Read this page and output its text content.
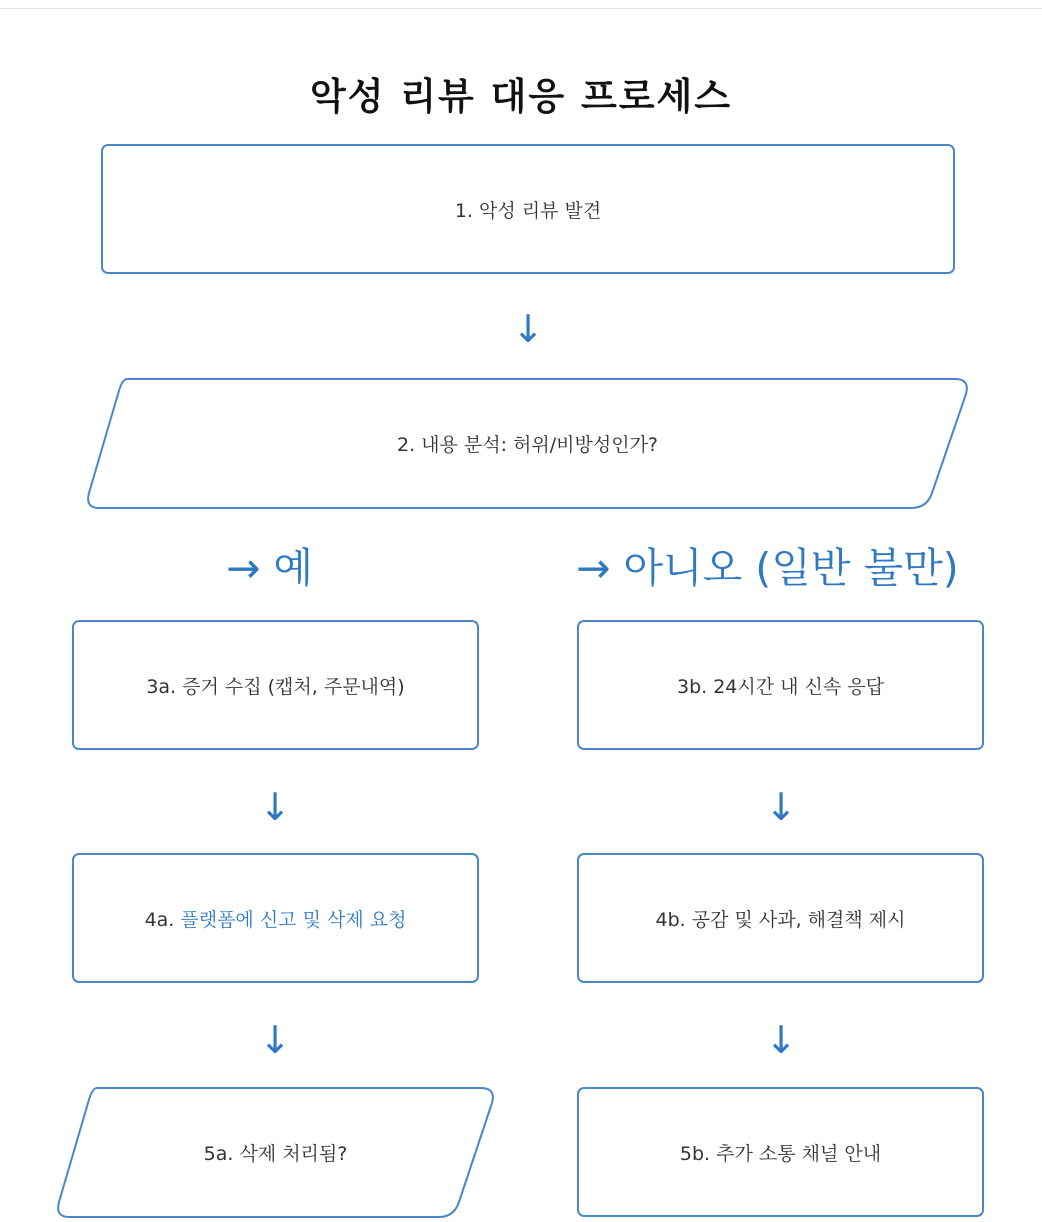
악성 리뷰 대응 프로세스
1. 악성 리뷰 발견
↓
2. 내용 분석: 허위/비방성인가?
→ 예	→ 아니오 (일반 불만)
3a. 증거 수집 (캡처, 주문내역)
↓
4a. 플랫폼에 신고 및 삭제 요청
↓
5a. 삭제 처리됨?
3b. 24시간 내 신속 응답
↓
4b. 공감 및 사과, 해결책 제시
↓
5b. 추가 소통 채널 안내
